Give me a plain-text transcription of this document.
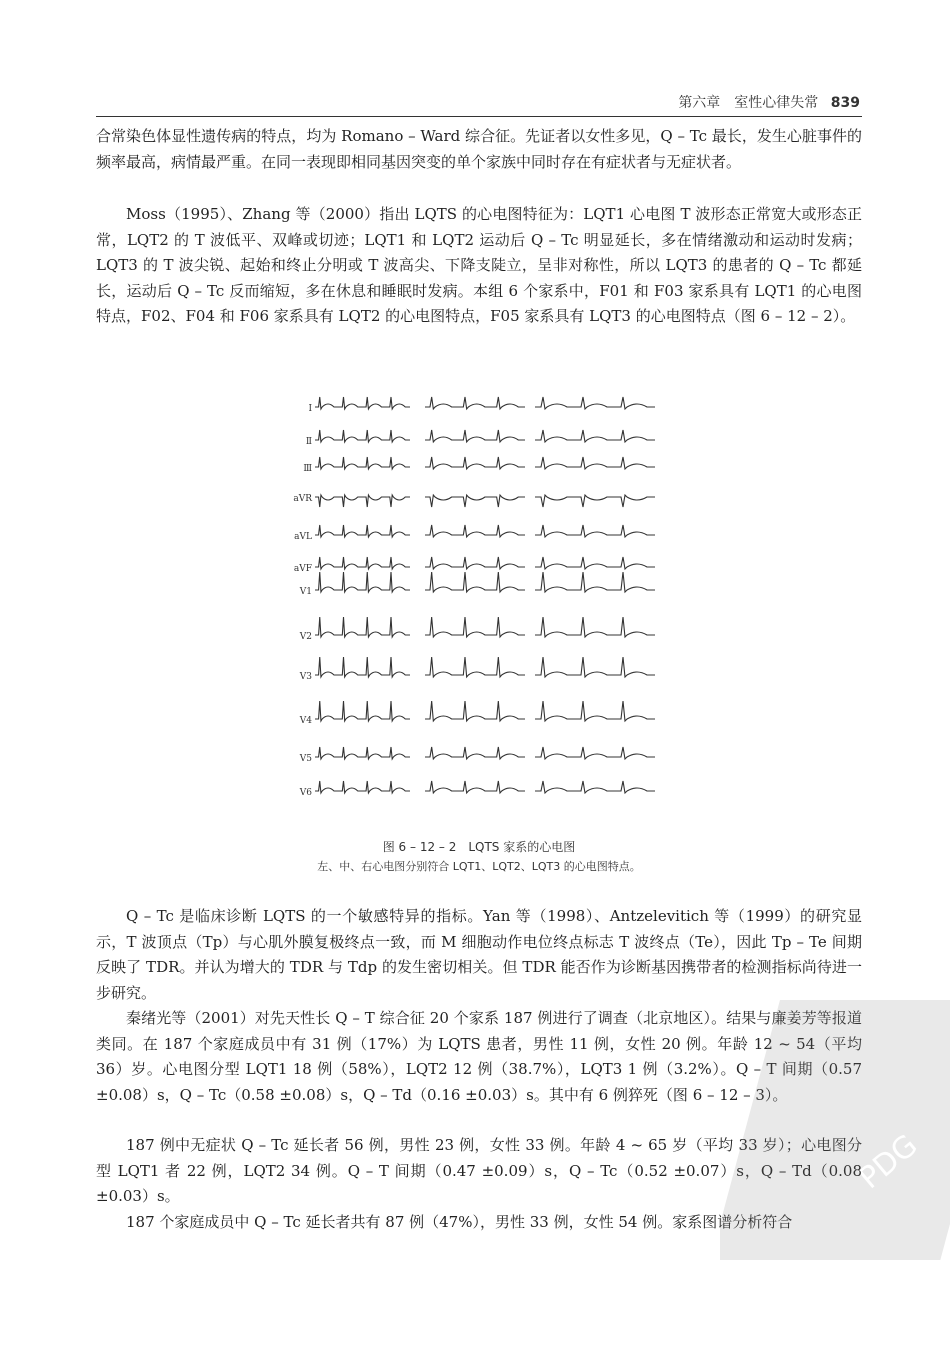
第六章　室性心律失常 839

合常染色体显性遗传病的特点，均为 Romano – Ward 综合征。先证者以女性多见，Q – Tc 最长，发生心脏事件的频率最高，病情最严重。在同一表现即相同基因突变的单个家族中同时存在有症状者与无症状者。

Moss（1995）、Zhang 等（2000）指出 LQTS 的心电图特征为：LQT1 心电图 T 波形态正常宽大或形态正常，LQT2 的 T 波低平、双峰或切迹；LQT1 和 LQT2 运动后 Q – Tc 明显延长，多在情绪激动和运动时发病；LQT3 的 T 波尖锐、起始和终止分明或 T 波高尖、下降支陡立，呈非对称性，所以 LQT3 的患者的 Q – Tc 都延长，运动后 Q – Tc 反而缩短，多在休息和睡眠时发病。本组 6 个家系中，F01 和 F03 家系具有 LQT1 的心电图特点，F02、F04 和 F06 家系具有 LQT2 的心电图特点，F05 家系具有 LQT3 的心电图特点（图 6 – 12 – 2）。

Ⅰ
Ⅱ
Ⅲ
aVR
aVL
aVF
V1
V2
V3
V4
V5
V6
图 6 – 12 – 2　LQTS 家系的心电图
左、中、右心电图分别符合 LQT1、LQT2、LQT3 的心电图特点。

Q – Tc 是临床诊断 LQTS 的一个敏感特异的指标。Yan 等（1998）、Antzelevitich 等（1999）的研究显示，T 波顶点（Tp）与心肌外膜复极终点一致，而 M 细胞动作电位终点标志 T 波终点（Te），因此 Tp – Te 间期反映了 TDR。并认为增大的 TDR 与 Tdp 的发生密切相关。但 TDR 能否作为诊断基因携带者的检测指标尚待进一步研究。

秦绪光等（2001）对先天性长 Q – T 综合征 20 个家系 187 例进行了调查（北京地区）。结果与廉姜芳等报道类同。在 187 个家庭成员中有 31 例（17%）为 LQTS 患者，男性 11 例，女性 20 例。年龄 12 ~ 54（平均 36）岁。心电图分型 LQT1 18 例（58%），LQT2 12 例（38.7%），LQT3 1 例（3.2%）。Q – T 间期（0.57 ±0.08）s，Q – Tc（0.58 ±0.08）s，Q – Td（0.16 ±0.03）s。其中有 6 例猝死（图 6 – 12 – 3）。

187 例中无症状 Q – Tc 延长者 56 例，男性 23 例，女性 33 例。年龄 4 ~ 65 岁（平均 33 岁）；心电图分型 LQT1 者 22 例，LQT2 34 例。Q – T 间期（0.47 ±0.09）s，Q – Tc（0.52 ±0.07）s，Q – Td（0.08 ±0.03）s。

187 个家庭成员中 Q – Tc 延长者共有 87 例（47%），男性 33 例，女性 54 例。家系图谱分析符合

PDG
